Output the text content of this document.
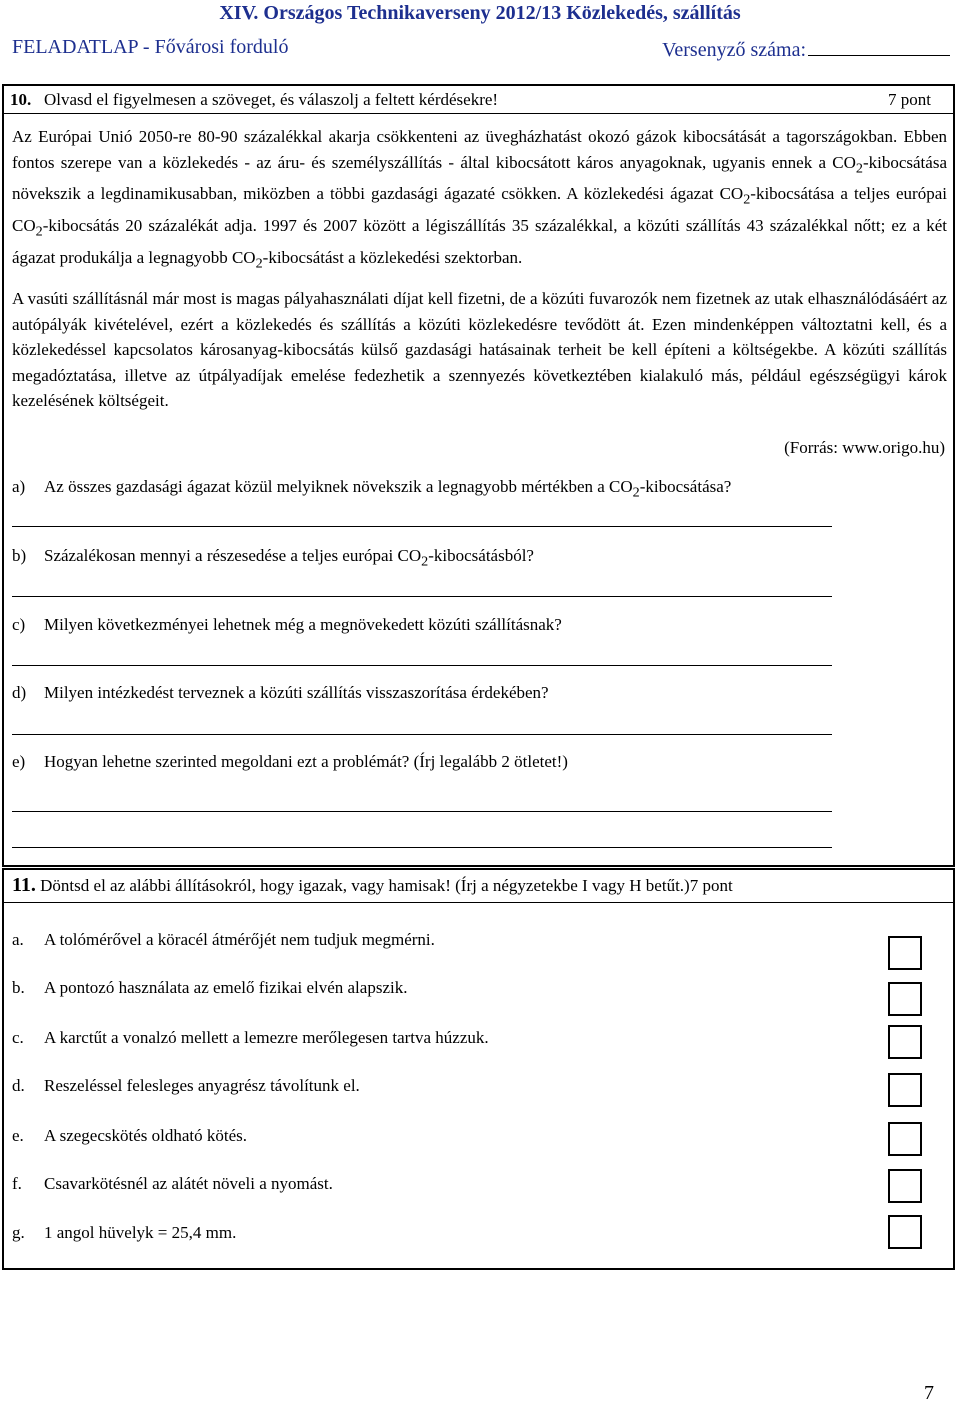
XIV. Országos Technikaverseny 2012/13 Közlekedés, szállítás
FELADATLAP - Fővárosi forduló	Versenyző száma:
10. Olvasd el figyelmesen a szöveget, és válaszolj a feltett kérdésekre!	7 pont

Az Európai Unió 2050-re 80-90 százalékkal akarja csökkenteni az üvegházhatást okozó gázok kibocsátását a tagországokban. Ebben fontos szerepe van a közlekedés - az áru- és személyszállítás - által kibocsátott káros anyagoknak, ugyanis ennek a $CO_2$-kibocsátása növekszik a legdinamikusabban, miközben a többi gazdasági ágazaté csökken. A közlekedési ágazat $CO_2$-kibocsátása a teljes európai $CO_2$-kibocsátás 20 százalékát adja. 1997 és 2007 között a légiszállítás 35 százalékkal, a közúti szállítás 43 százalékkal nőtt; ez a két ágazat produkálja a legnagyobb $CO_2$-kibocsátást a közlekedési szektorban.

A vasúti szállításnál már most is magas pályahasználati díjat kell fizetni, de a közúti fuvarozók nem fizetnek az utak elhasználódásáért az autópályák kivételével, ezért a közlekedés és szállítás a közúti közlekedésre tevődött át. Ezen mindenképpen változtatni kell, és a közlekedéssel kapcsolatos károsanyag-kibocsátás külső gazdasági hatásainak terheit be kell építeni a költségekbe. A közúti szállítás megadóztatása, illetve az útpályadíjak emelése fedezhetik a szennyezés következtében kialakuló más, például egészségügyi károk kezelésének költségeit.

(Forrás: www.origo.hu)
a) Az összes gazdasági ágazat közül melyiknek növekszik a legnagyobb mértékben a $CO_2$-kibocsátása?
b) Százalékosan mennyi a részesedése a teljes európai $CO_2$-kibocsátásból?
c) Milyen következményei lehetnek még a megnövekedett közúti szállításnak?
d) Milyen intézkedést terveznek a közúti szállítás visszaszorítása érdekében?
e) Hogyan lehetne szerinted megoldani ezt a problémát? (Írj legalább 2 ötletet!)
11. Döntsd el az alábbi állításokról, hogy igazak, vagy hamisak! (Írj a négyzetekbe I vagy H betűt.)7 pont
a. A tolómérővel a köracél átmérőjét nem tudjuk megmérni.
b. A pontozó használata az emelő fizikai elvén alapszik.
c. A karctűt a vonalzó mellett a lemezre merőlegesen tartva húzzuk.
d. Reszeléssel felesleges anyagrész távolítunk el.
e. A szegecskötés oldható kötés.
f. Csavarkötésnél az alátét növeli a nyomást.
g. 1 angol hüvelyk = 25,4 mm.
7
